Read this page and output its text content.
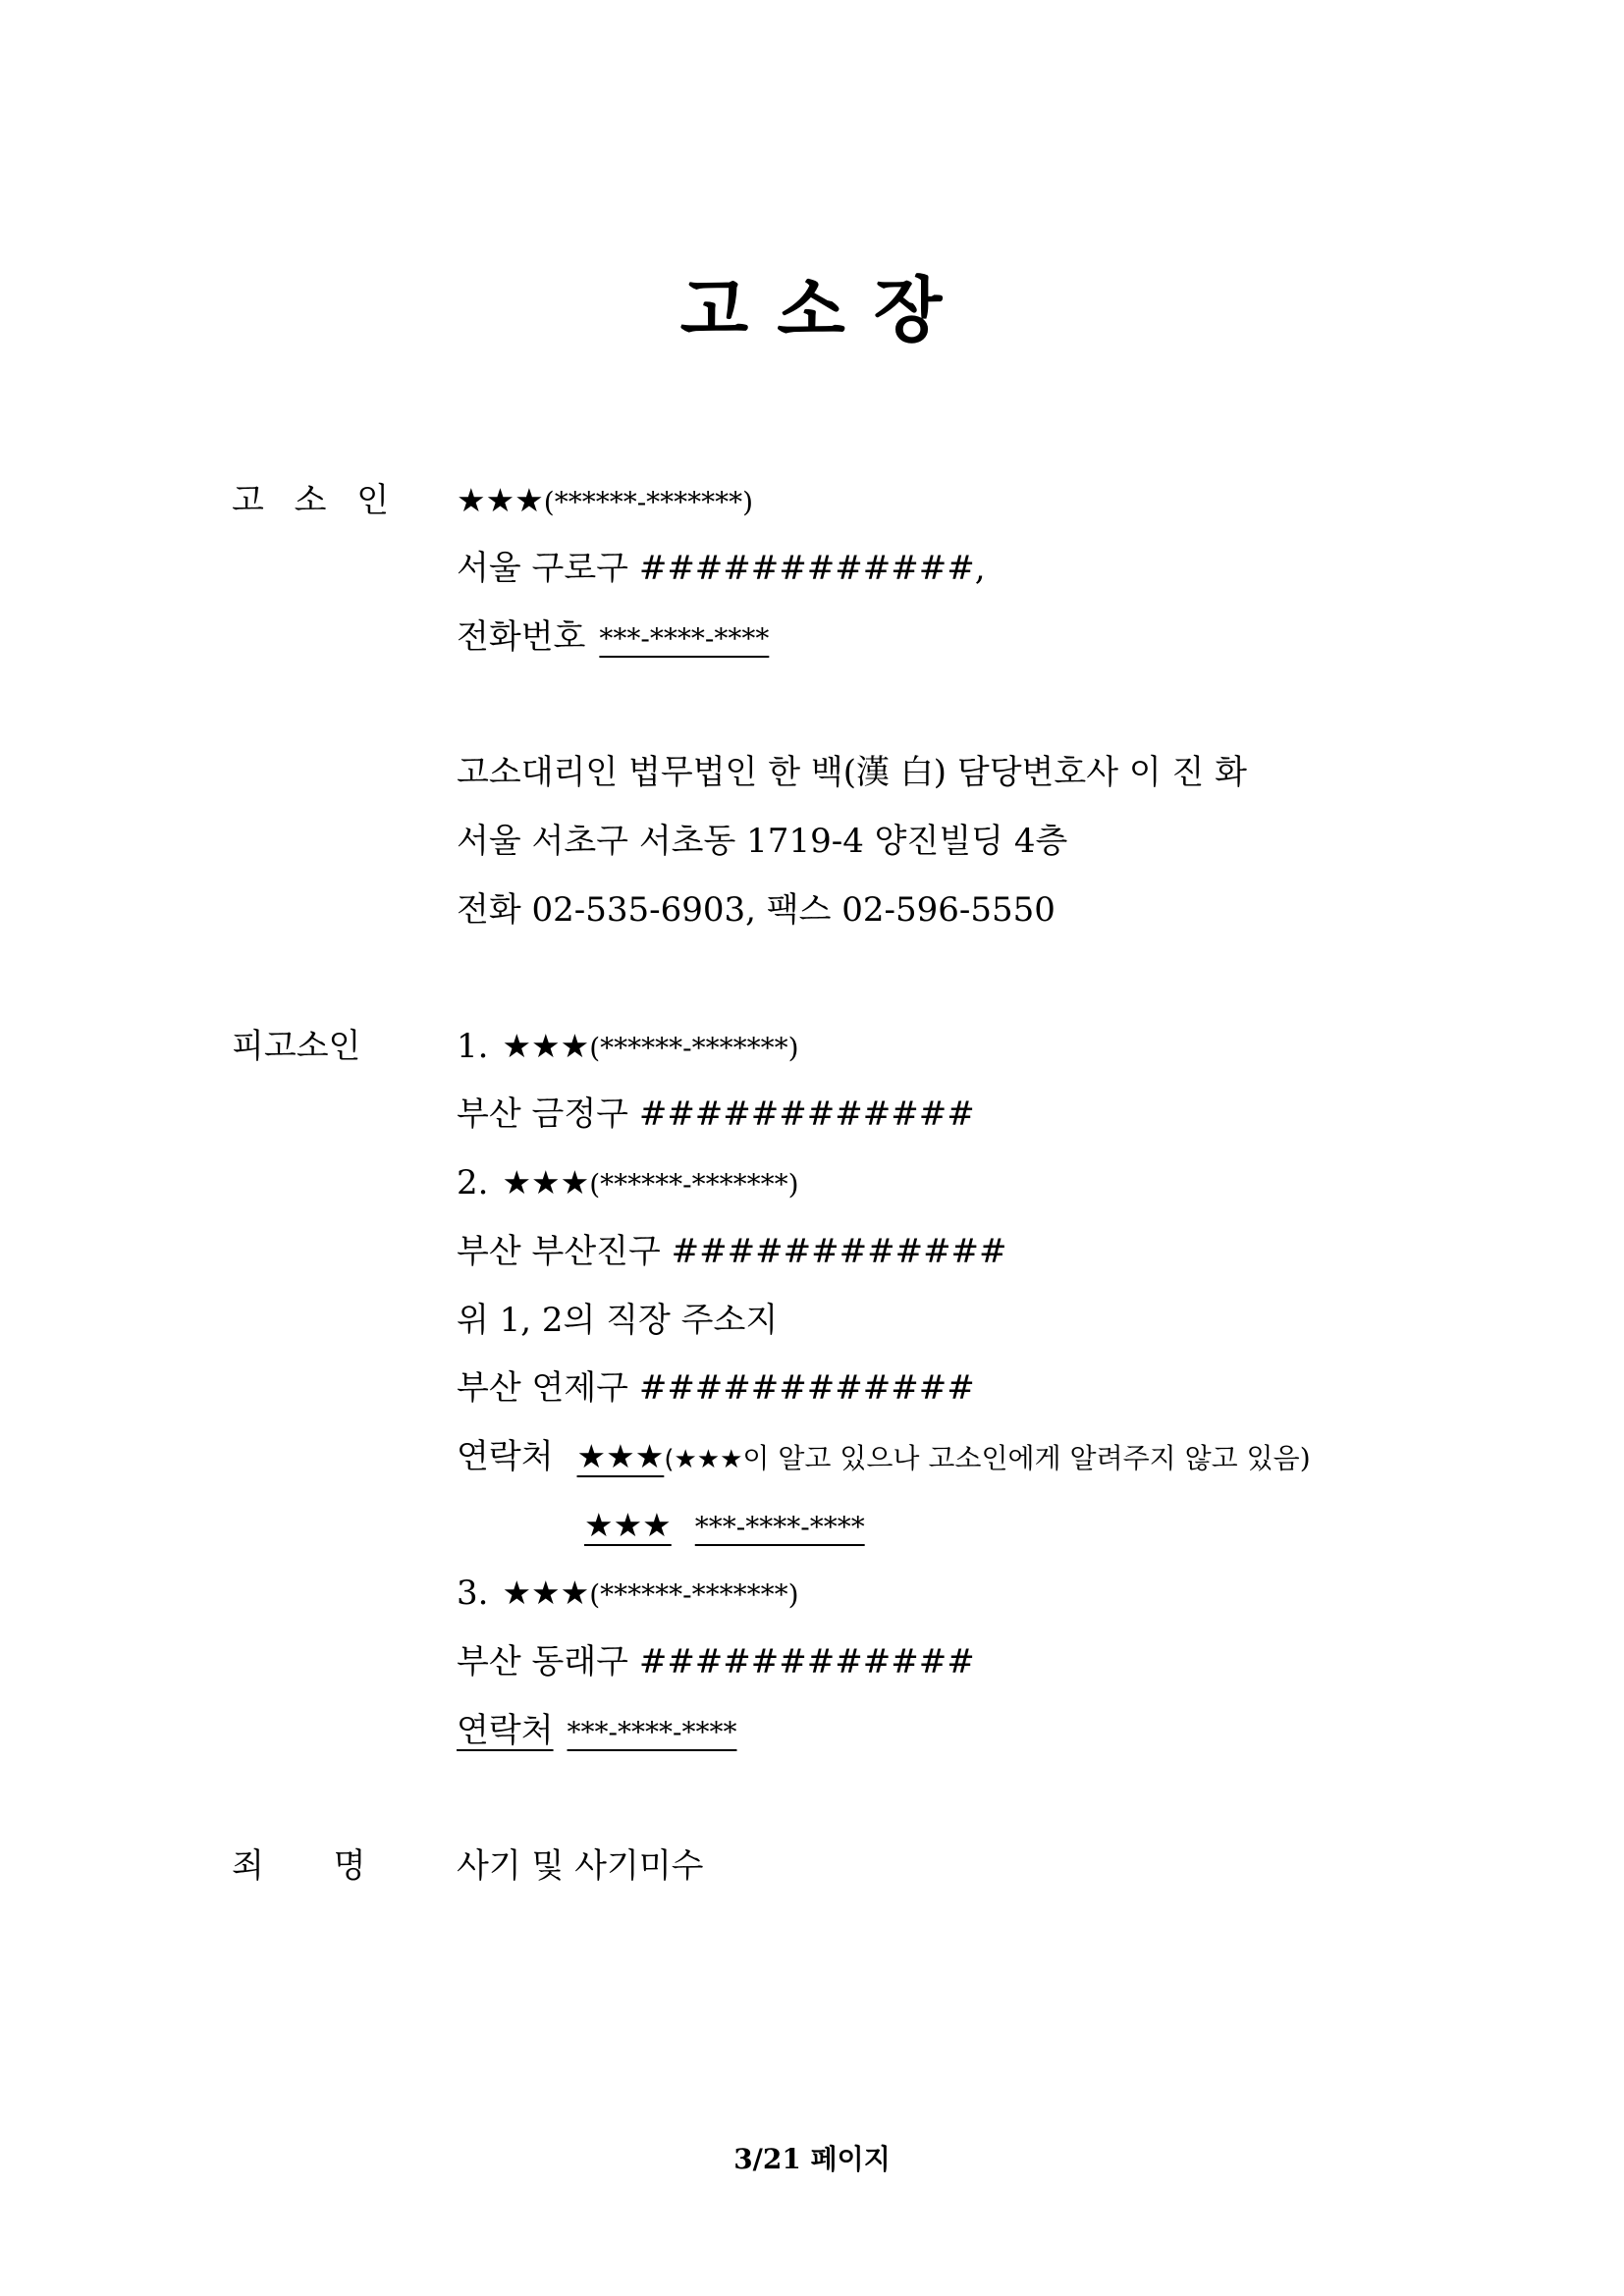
고 소 장
고 소 인 ★★★(******-*******)
서울 구로구 ############,
전화번호 ***-****-****
고소대리인 법무법인 한 백(漢 白) 담당변호사 이 진 화
서울 서초구 서초동 1719-4 양진빌딩 4층
전화 02-535-6903, 팩스 02-596-5550
피고소인	1. ★★★(******-*******)
부산 금정구 ############
2. ★★★(******-*******)
부산 부산진구 ############
위 1, 2의 직장 주소지
부산 연제구 ############
연락처 ★★★(★★★이 알고 있으나 고소인에게 알려주지 않고 있음)
★★★ ***-****-****
3. ★★★(******-*******)
부산 동래구 ############
연락처 ***-****-****
죄 명	사기 및 사기미수
3/21 페이지
